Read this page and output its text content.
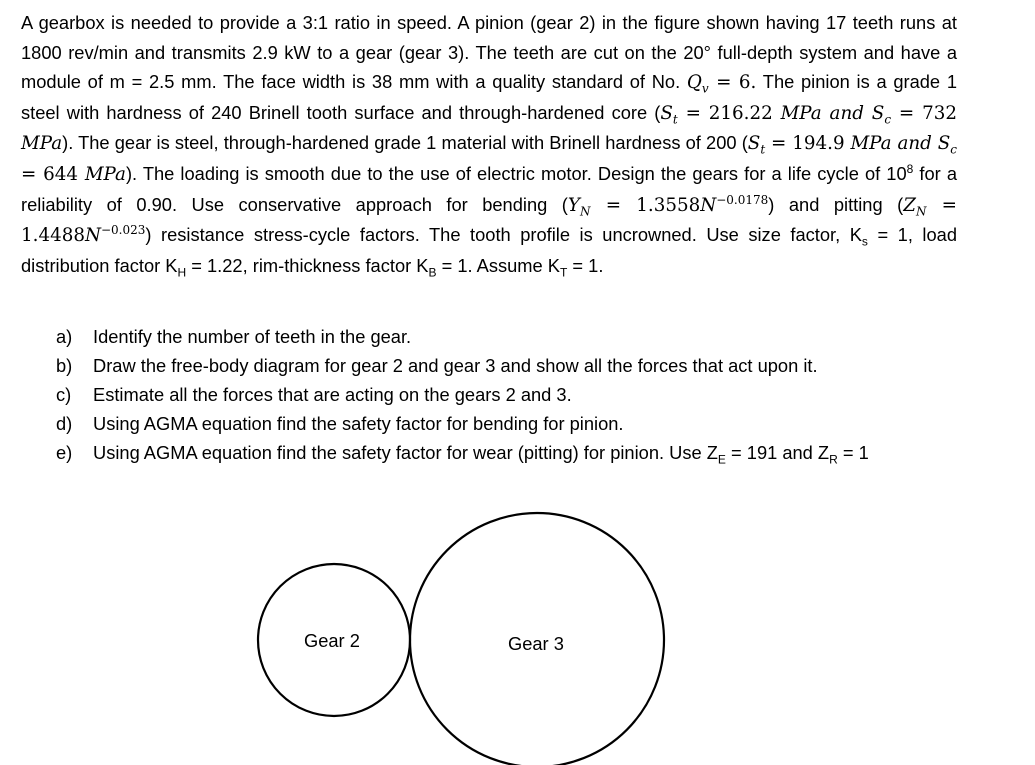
A gearbox is needed to provide a 3:1 ratio in speed. A pinion (gear 2) in the figure shown having 17 teeth runs at 1800 rev/min and transmits 2.9 kW to a gear (gear 3). The teeth are cut on the 20° full-depth system and have a module of m = 2.5 mm. The face width is 38 mm with a quality standard of No. $Q_v = 6$. The pinion is a grade 1 steel with hardness of 240 Brinell tooth surface and through-hardened core ($S_t = 216.22$ MPa and $S_c = 732$ MPa). The gear is steel, through-hardened grade 1 material with Brinell hardness of 200 ($S_t = 194.9$ MPa and $S_c = 644$ MPa). The loading is smooth due to the use of electric motor. Design the gears for a life cycle of $10^8$ for a reliability of 0.90. Use conservative approach for bending $(Y_N = 1.3558N^{-0.0178})$ and pitting $(Z_N = 1.4488N^{-0.023})$ resistance stress-cycle factors. The tooth profile is uncrowned. Use size factor, $K_s = 1$, load distribution factor $K_H = 1.22$, rim-thickness factor $K_B = 1$. Assume $K_T = 1$.
a)	Identify the number of teeth in the gear.
b)	Draw the free-body diagram for gear 2 and gear 3 and show all the forces that act upon it.
c)	Estimate all the forces that are acting on the gears 2 and 3.
d)	Using AGMA equation find the safety factor for bending for pinion.
e)	Using AGMA equation find the safety factor for wear (pitting) for pinion. Use $Z_E = 191$ and $Z_R = 1$
Gear 2	Gear 3
